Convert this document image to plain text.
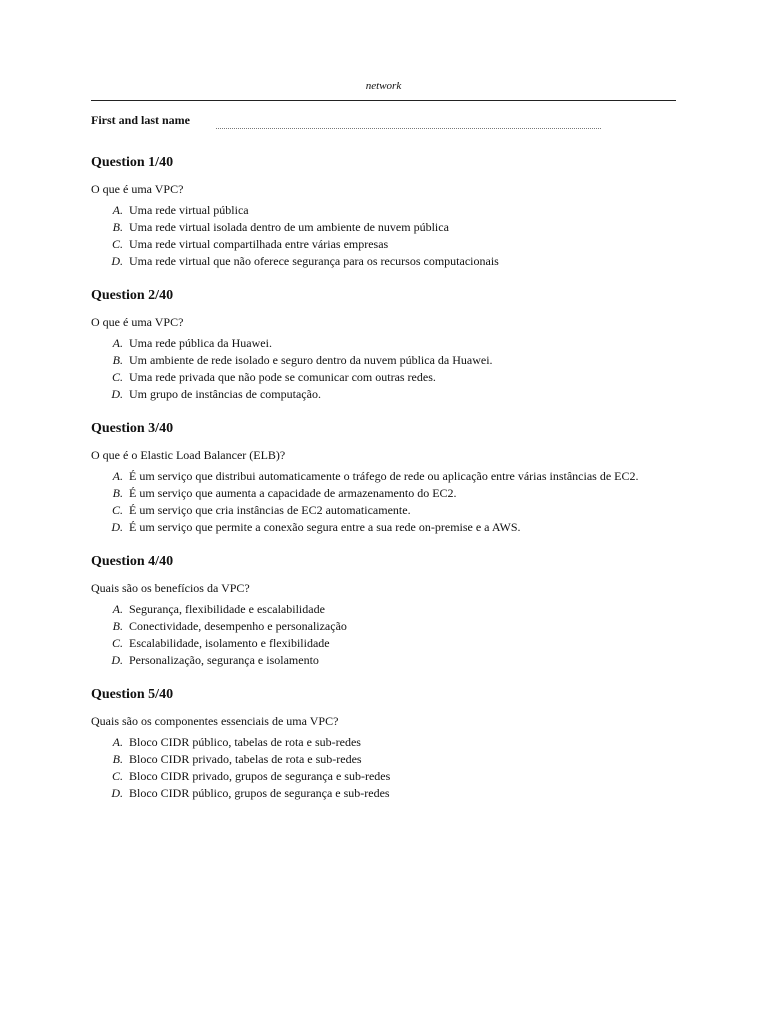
network
First and last name
Question 1/40
O que é uma VPC?
A. Uma rede virtual pública
B. Uma rede virtual isolada dentro de um ambiente de nuvem pública
C. Uma rede virtual compartilhada entre várias empresas
D. Uma rede virtual que não oferece segurança para os recursos computacionais
Question 2/40
O que é uma VPC?
A. Uma rede pública da Huawei.
B. Um ambiente de rede isolado e seguro dentro da nuvem pública da Huawei.
C. Uma rede privada que não pode se comunicar com outras redes.
D. Um grupo de instâncias de computação.
Question 3/40
O que é o Elastic Load Balancer (ELB)?
A. É um serviço que distribui automaticamente o tráfego de rede ou aplicação entre várias instâncias de EC2.
B. É um serviço que aumenta a capacidade de armazenamento do EC2.
C. É um serviço que cria instâncias de EC2 automaticamente.
D. É um serviço que permite a conexão segura entre a sua rede on-premise e a AWS.
Question 4/40
Quais são os benefícios da VPC?
A. Segurança, flexibilidade e escalabilidade
B. Conectividade, desempenho e personalização
C. Escalabilidade, isolamento e flexibilidade
D. Personalização, segurança e isolamento
Question 5/40
Quais são os componentes essenciais de uma VPC?
A. Bloco CIDR público, tabelas de rota e sub-redes
B. Bloco CIDR privado, tabelas de rota e sub-redes
C. Bloco CIDR privado, grupos de segurança e sub-redes
D. Bloco CIDR público, grupos de segurança e sub-redes
